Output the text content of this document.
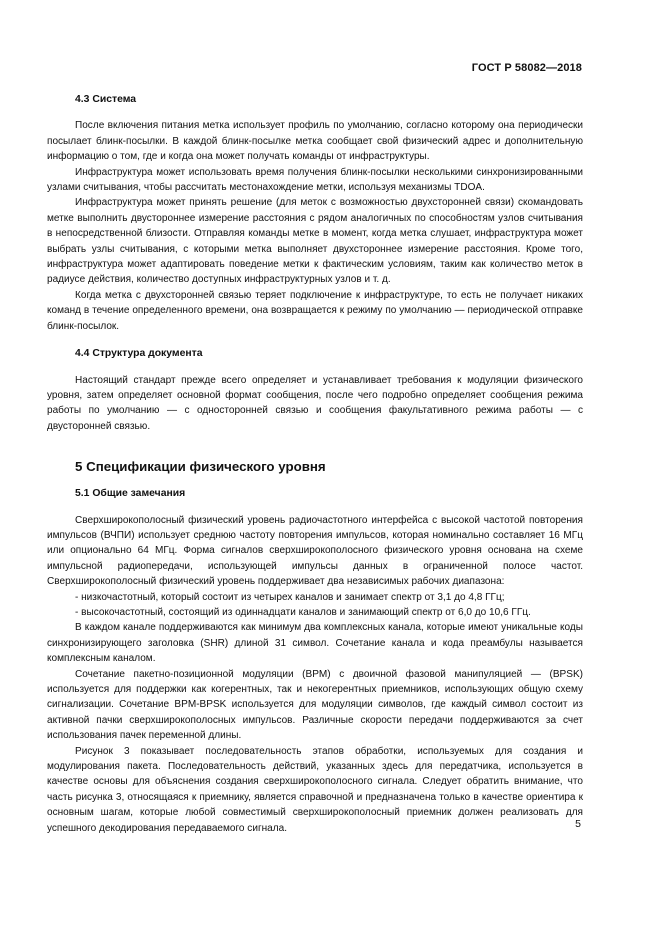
ГОСТ Р 58082—2018

4.3 Система

После включения питания метка использует профиль по умолчанию, согласно которому она периодически посылает блинк-посылки. В каждой блинк-посылке метка сообщает свой физический адрес и дополнительную информацию о том, где и когда она может получать команды от инфраструктуры.

Инфраструктура может использовать время получения блинк-посылки несколькими синхронизированными узлами считывания, чтобы рассчитать местонахождение метки, используя механизмы TDOA.

Инфраструктура может принять решение (для меток с возможностью двухсторонней связи) скомандовать метке выполнить двустороннее измерение расстояния с рядом аналогичных по способностям узлов считывания в непосредственной близости. Отправляя команды метке в момент, когда метка слушает, инфраструктура может выбрать узлы считывания, с которыми метка выполняет двухстороннее измерение расстояния. Кроме того, инфраструктура может адаптировать поведение метки к фактическим условиям, таким как количество меток в радиусе действия, количество доступных инфраструктурных узлов и т. д.

Когда метка с двухсторонней связью теряет подключение к инфраструктуре, то есть не получает никаких команд в течение определенного времени, она возвращается к режиму по умолчанию — периодической отправке блинк-посылок.

4.4 Структура документа

Настоящий стандарт прежде всего определяет и устанавливает требования к модуляции физического уровня, затем определяет основной формат сообщения, после чего подробно определяет сообщения режима работы по умолчанию — с односторонней связью и сообщения факультативного режима работы — с двусторонней связью.

5 Спецификации физического уровня

5.1 Общие замечания

Сверхширокополосный физический уровень радиочастотного интерфейса с высокой частотой повторения импульсов (ВЧПИ) использует среднюю частоту повторения импульсов, которая номинально составляет 16 МГц или опционально 64 МГц. Форма сигналов сверхширокополосного физического уровня основана на схеме импульсной радиопередачи, использующей импульсы данных в ограниченной полосе частот. Сверхширокополосный физический уровень поддерживает два независимых рабочих диапазона:

- низкочастотный, который состоит из четырех каналов и занимает спектр от 3,1 до 4,8 ГГц;

- высокочастотный, состоящий из одиннадцати каналов и занимающий спектр от 6,0 до 10,6 ГГц.

В каждом канале поддерживаются как минимум два комплексных канала, которые имеют уникальные коды синхронизирующего заголовка (SHR) длиной 31 символ. Сочетание канала и кода преамбулы называется комплексным каналом.

Сочетание пакетно-позиционной модуляции (BPM) с двоичной фазовой манипуляцией — (BPSK) используется для поддержки как когерентных, так и некогерентных приемников, использующих общую схему сигнализации. Сочетание BPM-BPSK используется для модуляции символов, где каждый символ состоит из активной пачки сверхширокополосных импульсов. Различные скорости передачи поддерживаются за счет использования пачек переменной длины.

Рисунок 3 показывает последовательность этапов обработки, используемых для создания и модулирования пакета. Последовательность действий, указанных здесь для передатчика, используется в качестве основы для объяснения создания сверхширокополосного сигнала. Следует обратить внимание, что часть рисунка 3, относящаяся к приемнику, является справочной и предназначена только в качестве ориентира к основным шагам, которые любой совместимый сверхширокополосный приемник должен реализовать для успешного декодирования передаваемого сигнала.	5
